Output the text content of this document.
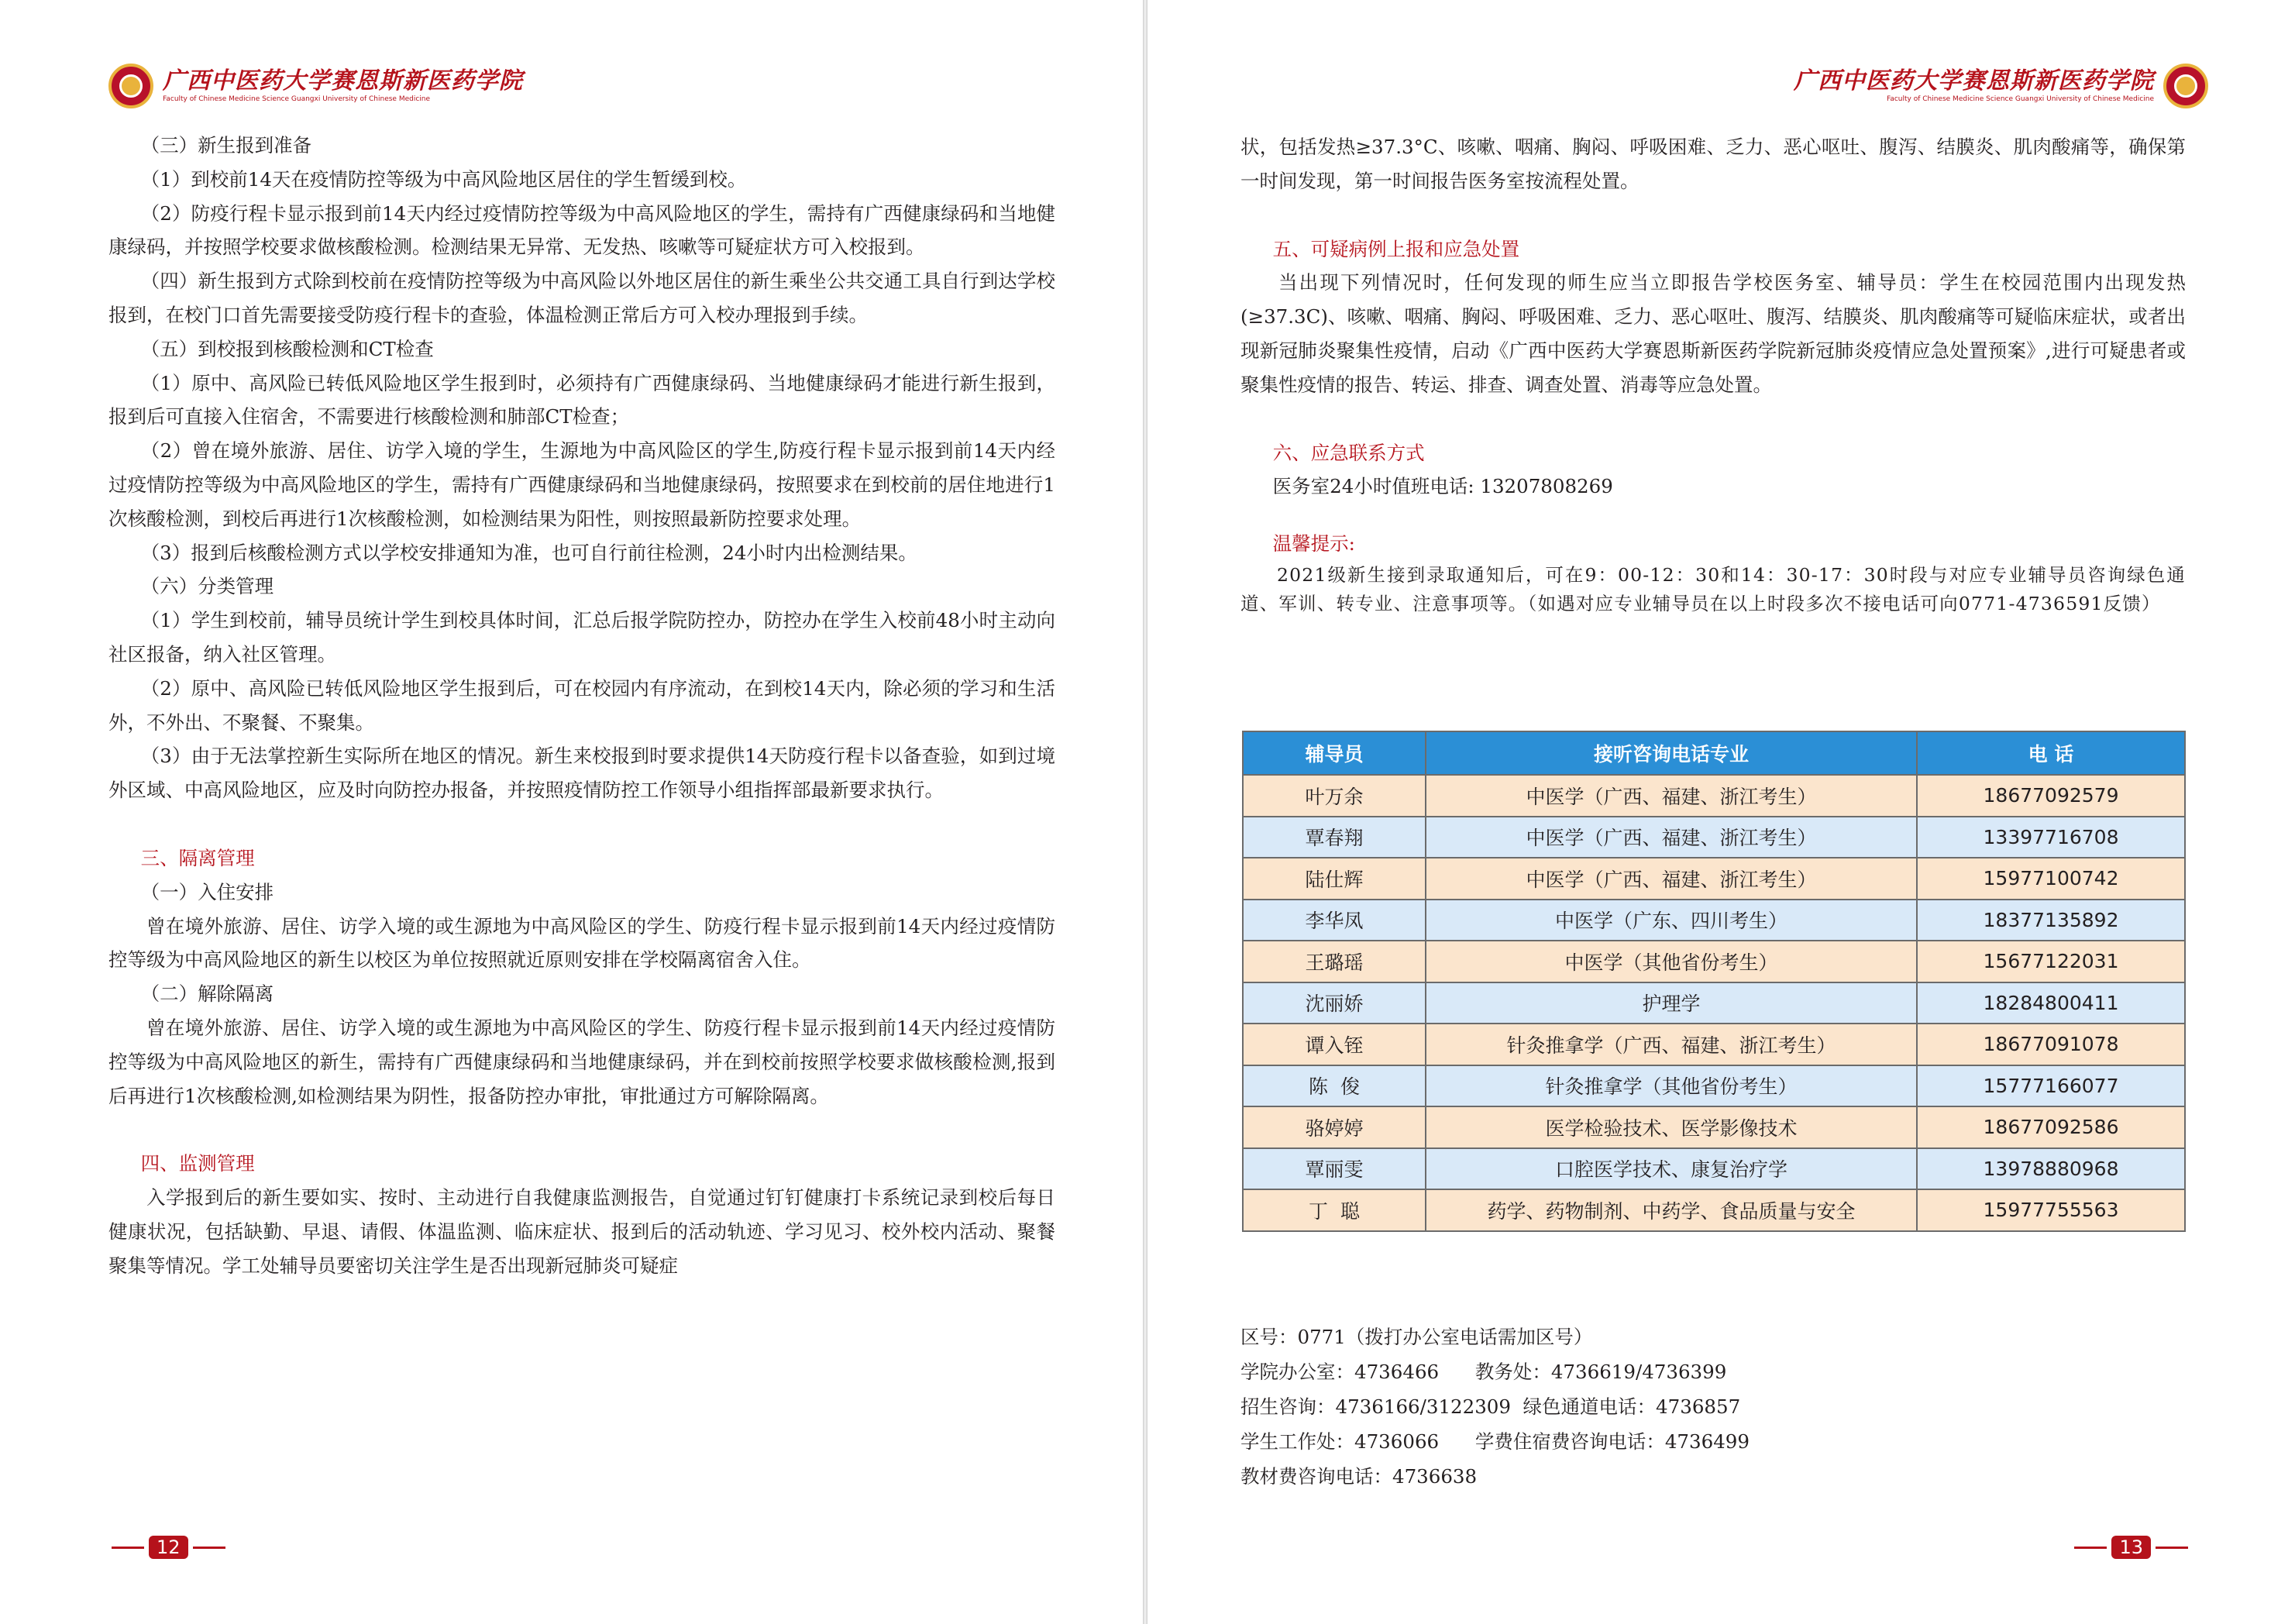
广西中医药大学赛恩斯新医药学院
Faculty of Chinese Medicine Science Guangxi University of Chinese Medicine

（三）新生报到准备

（1）到校前14天在疫情防控等级为中高风险地区居住的学生暂缓到校。

（2）防疫行程卡显示报到前14天内经过疫情防控等级为中高风险地区的学生，需持有广西健康绿码和当地健康绿码，并按照学校要求做核酸检测。检测结果无异常、无发热、咳嗽等可疑症状方可入校报到。

（四）新生报到方式除到校前在疫情防控等级为中高风险以外地区居住的新生乘坐公共交通工具自行到达学校报到，在校门口首先需要接受防疫行程卡的查验，体温检测正常后方可入校办理报到手续。

（五）到校报到核酸检测和CT检查

（1）原中、高风险已转低风险地区学生报到时，必须持有广西健康绿码、当地健康绿码才能进行新生报到，报到后可直接入住宿舍，不需要进行核酸检测和肺部CT检查；

（2）曾在境外旅游、居住、访学入境的学生，生源地为中高风险区的学生,防疫行程卡显示报到前14天内经过疫情防控等级为中高风险地区的学生，需持有广西健康绿码和当地健康绿码，按照要求在到校前的居住地进行1次核酸检测，到校后再进行1次核酸检测，如检测结果为阳性，则按照最新防控要求处理。

（3）报到后核酸检测方式以学校安排通知为准，也可自行前往检测，24小时内出检测结果。

（六）分类管理

（1）学生到校前，辅导员统计学生到校具体时间，汇总后报学院防控办，防控办在学生入校前48小时主动向社区报备，纳入社区管理。

（2）原中、高风险已转低风险地区学生报到后，可在校园内有序流动，在到校14天内，除必须的学习和生活外，不外出、不聚餐、不聚集。

（3）由于无法掌控新生实际所在地区的情况。新生来校报到时要求提供14天防疫行程卡以备查验，如到过境外区域、中高风险地区，应及时向防控办报备，并按照疫情防控工作领导小组指挥部最新要求执行。

三、隔离管理

（一）入住安排

曾在境外旅游、居住、访学入境的或生源地为中高风险区的学生、防疫行程卡显示报到前14天内经过疫情防控等级为中高风险地区的新生以校区为单位按照就近原则安排在学校隔离宿舍入住。

（二）解除隔离

曾在境外旅游、居住、访学入境的或生源地为中高风险区的学生、防疫行程卡显示报到前14天内经过疫情防控等级为中高风险地区的新生，需持有广西健康绿码和当地健康绿码，并在到校前按照学校要求做核酸检测,报到后再进行1次核酸检测,如检测结果为阴性，报备防控办审批，审批通过方可解除隔离。

四、监测管理

入学报到后的新生要如实、按时、主动进行自我健康监测报告，自觉通过钉钉健康打卡系统记录到校后每日健康状况，包括缺勤、早退、请假、体温监测、临床症状、报到后的活动轨迹、学习见习、校外校内活动、聚餐聚集等情况。学工处辅导员要密切关注学生是否出现新冠肺炎可疑症

12
广西中医药大学赛恩斯新医药学院
Faculty of Chinese Medicine Science Guangxi University of Chinese Medicine

状，包括发热≥37.3°C、咳嗽、咽痛、胸闷、呼吸困难、乏力、恶心呕吐、腹泻、结膜炎、肌肉酸痛等，确保第一时间发现，第一时间报告医务室按流程处置。

五、可疑病例上报和应急处置

当出现下列情况时，任何发现的师生应当立即报告学校医务室、辅导员：学生在校园范围内出现发热(≥37.3C)、咳嗽、咽痛、胸闷、呼吸困难、乏力、恶心呕吐、腹泻、结膜炎、肌肉酸痛等可疑临床症状，或者出现新冠肺炎聚集性疫情，启动《广西中医药大学赛恩斯新医药学院新冠肺炎疫情应急处置预案》,进行可疑患者或聚集性疫情的报告、转运、排查、调查处置、消毒等应急处置。

六、应急联系方式

医务室24小时值班电话: 13207808269

温馨提示:

2021级新生接到录取通知后，可在9：00-12：30和14：30-17：30时段与对应专业辅导员咨询绿色通道、军训、转专业、注意事项等。（如遇对应专业辅导员在以上时段多次不接电话可向0771-4736591反馈）

辅导员	接听咨询电话专业	电 话
叶万余	中医学（广西、福建、浙江考生）	18677092579
覃春翔	中医学（广西、福建、浙江考生）	13397716708
陆仕辉	中医学（广西、福建、浙江考生）	15977100742
李华凤	中医学（广东、四川考生）	18377135892
王璐瑶	中医学（其他省份考生）	15677122031
沈丽娇	护理学	18284800411
谭入铚	针灸推拿学（广西、福建、浙江考生）	18677091078
陈  俊	针灸推拿学（其他省份考生）	15777166077
骆婷婷	医学检验技术、医学影像技术	18677092586
覃丽雯	口腔医学技术、康复治疗学	13978880968
丁  聪	药学、药物制剂、中药学、食品质量与安全	15977755563

区号：0771（拨打办公室电话需加区号）

学院办公室：4736466      教务处：4736619/4736399

招生咨询：4736166/3122309  绿色通道电话：4736857

学生工作处：4736066      学费住宿费咨询电话：4736499

教材费咨询电话：4736638

13
